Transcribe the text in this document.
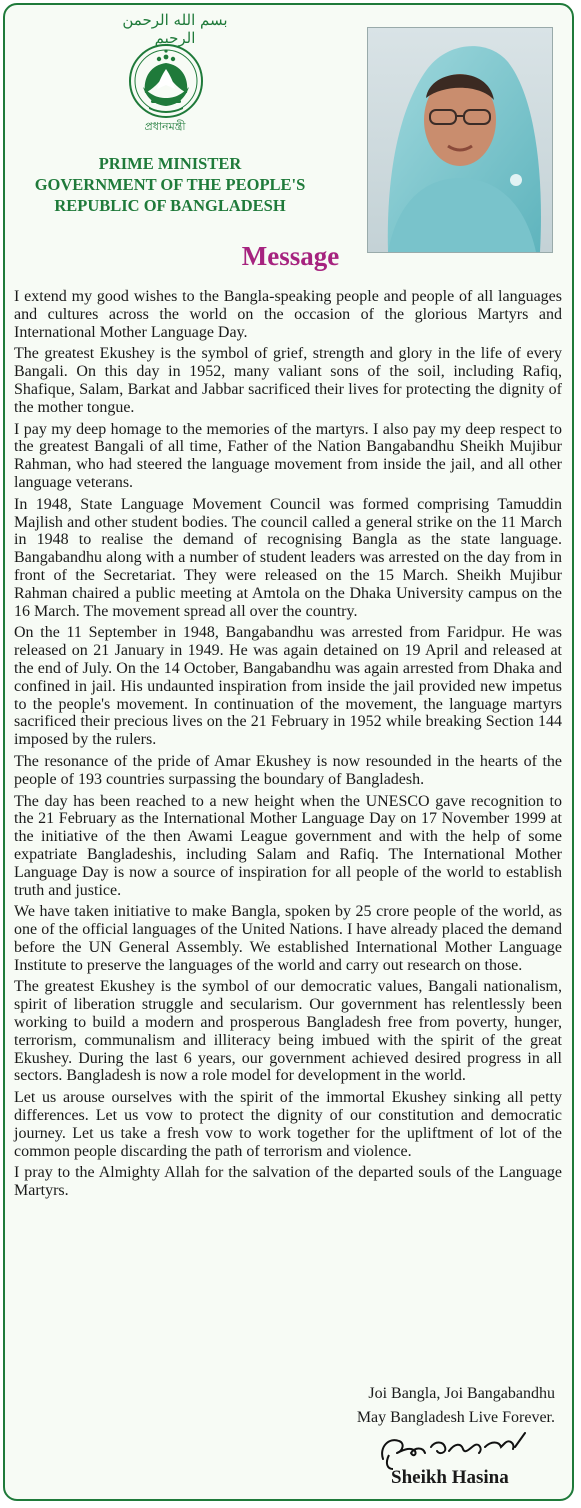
بسم الله الرحمن الرحيم
প্রধানমন্ত্রী
PRIME MINISTER
GOVERNMENT OF THE PEOPLE'S
REPUBLIC OF BANGLADESH
Message

I extend my good wishes to the Bangla-speaking people and people of all languages and cultures across the world on the occasion of the glorious Martyrs and International Mother Language Day.

The greatest Ekushey is the symbol of grief, strength and glory in the life of every Bangali. On this day in 1952, many valiant sons of the soil, including Rafiq, Shafique, Salam, Barkat and Jabbar sacrificed their lives for protecting the dignity of the mother tongue.

I pay my deep homage to the memories of the martyrs. I also pay my deep respect to the greatest Bangali of all time, Father of the Nation Bangabandhu Sheikh Mujibur Rahman, who had steered the language movement from inside the jail, and all other language veterans.

In 1948, State Language Movement Council was formed comprising Tamuddin Majlish and other student bodies. The council called a general strike on the 11 March in 1948 to realise the demand of recognising Bangla as the state language. Bangabandhu along with a number of student leaders was arrested on the day from in front of the Secretariat. They were released on the 15 March. Sheikh Mujibur Rahman chaired a public meeting at Amtola on the Dhaka University campus on the 16 March. The movement spread all over the country.

On the 11 September in 1948, Bangabandhu was arrested from Faridpur. He was released on 21 January in 1949. He was again detained on 19 April and released at the end of July. On the 14 October, Bangabandhu was again arrested from Dhaka and confined in jail. His undaunted inspiration from inside the jail provided new impetus to the people's movement. In continuation of the movement, the language martyrs sacrificed their precious lives on the 21 February in 1952 while breaking Section 144 imposed by the rulers.

The resonance of the pride of Amar Ekushey is now resounded in the hearts of the people of 193 countries surpassing the boundary of Bangladesh.

The day has been reached to a new height when the UNESCO gave recognition to the 21 February as the International Mother Language Day on 17 November 1999 at the initiative of the then Awami League government and with the help of some expatriate Bangladeshis, including Salam and Rafiq. The International Mother Language Day is now a source of inspiration for all people of the world to establish truth and justice.

We have taken initiative to make Bangla, spoken by 25 crore people of the world, as one of the official languages of the United Nations. I have already placed the demand before the UN General Assembly. We established International Mother Language Institute to preserve the languages of the world and carry out research on those.

The greatest Ekushey is the symbol of our democratic values, Bangali nationalism, spirit of liberation struggle and secularism. Our government has relentlessly been working to build a modern and prosperous Bangladesh free from poverty, hunger, terrorism, communalism and illiteracy being imbued with the spirit of the great Ekushey. During the last 6 years, our government achieved desired progress in all sectors. Bangladesh is now a role model for development in the world.

Let us arouse ourselves with the spirit of the immortal Ekushey sinking all petty differences. Let us vow to protect the dignity of our constitution and democratic journey. Let us take a fresh vow to work together for the upliftment of lot of the common people discarding the path of terrorism and violence.

I pray to the Almighty Allah for the salvation of the departed souls of the Language Martyrs.

Joi Bangla, Joi Bangabandhu
May Bangladesh Live Forever.
Sheikh Hasina
